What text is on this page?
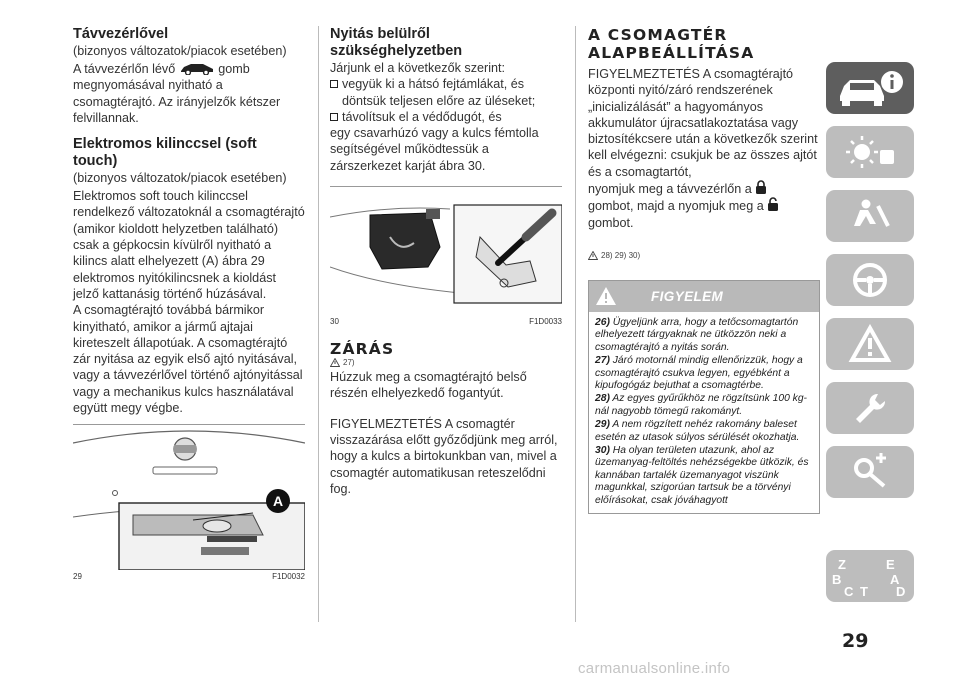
Távvezérlővel
(bizonyos változatok/piacok esetében)

A távvezérlőn lévő	gomb megnyomásával nyitható a csomagtérajtó. Az irányjelzők kétszer felvillannak.

Elektromos kilinccsel (soft touch)
(bizonyos változatok/piacok esetében)

Elektromos soft touch kilinccsel rendelkező változatoknál a csomagtérajtó (amikor kioldott helyzetben található) csak a gépkocsin kívülről nyitható a kilincs alatt elhelyezett (A) ábra 29 elektromos nyitókilincsnek a kioldást jelző kattanásig történő húzásával.

A csomagtérajtó továbbá bármikor kinyitható, amikor a jármű ajtajai kireteszelt állapotúak. A csomagtérajtó zár nyitása az egyik első ajtó nyitásával, vagy a távvezérlővel történő ajtónyitással vagy a mechanikus kulcs használatával együtt megy végbe.

A
29	F1D0032
Nyitás belülről szükséghelyzetben

Járjunk el a következők szerint:

vegyük ki a hátsó fejtámlákat, és döntsük teljesen előre az üléseket;
távolítsuk el a védődugót, és

egy csavarhúzó vagy a kulcs fémtolla segítségével működtessük a zárszerkezet karját ábra 30.

30	F1D0033
ZÁRÁS
27)

Húzzuk meg a csomagtérajtó belső részén elhelyezkedő fogantyút.

FIGYELMEZTETÉS A csomagtér visszazárása előtt győződjünk meg arról, hogy a kulcs a birtokunkban van, mivel a csomagtér automatikusan reteszelődni fog.

A CSOMAGTÉR
ALAPBEÁLLÍTÁSA

FIGYELMEZTETÉS A csomagtérajtó központi nyitó/záró rendszerének „inicializálását” a hagyományos akkumulátor újracsatlakoztatása vagy biztosítékcsere után a következők szerint kell elvégezni: csukjuk be az összes ajtót és a csomagtartót,

nyomjuk meg a távvezérlőn a

gombot, majd a nyomjuk meg a

gombot.

28) 29) 30)
FIGYELEM

26) Ügyeljünk arra, hogy a tetőcsomagtartón elhelyezett tárgyaknak ne ütközzön neki a csomagtérajtó a nyitás során.

27) Járó motornál mindig ellenőrizzük, hogy a csomagtérajtó csukva legyen, egyébként a kipufogógáz bejuthat a csomagtérbe.

28) Az egyes gyűrűkhöz ne rögzítsünk 100 kg-nál nagyobb tömegű rakományt.

29) A nem rögzített nehéz rakomány baleset esetén az utasok súlyos sérülését okozhatja.

30) Ha olyan területen utazunk, ahol az üzemanyag-feltöltés nehézségekbe ütközik, és kannában tartalék üzemanyagot viszünk magunkkal, szigorúan tartsuk be a törvényi előírásokat, csak jóváhagyott

Z	E
B	A
C T D
29
carmanualsonline.info
